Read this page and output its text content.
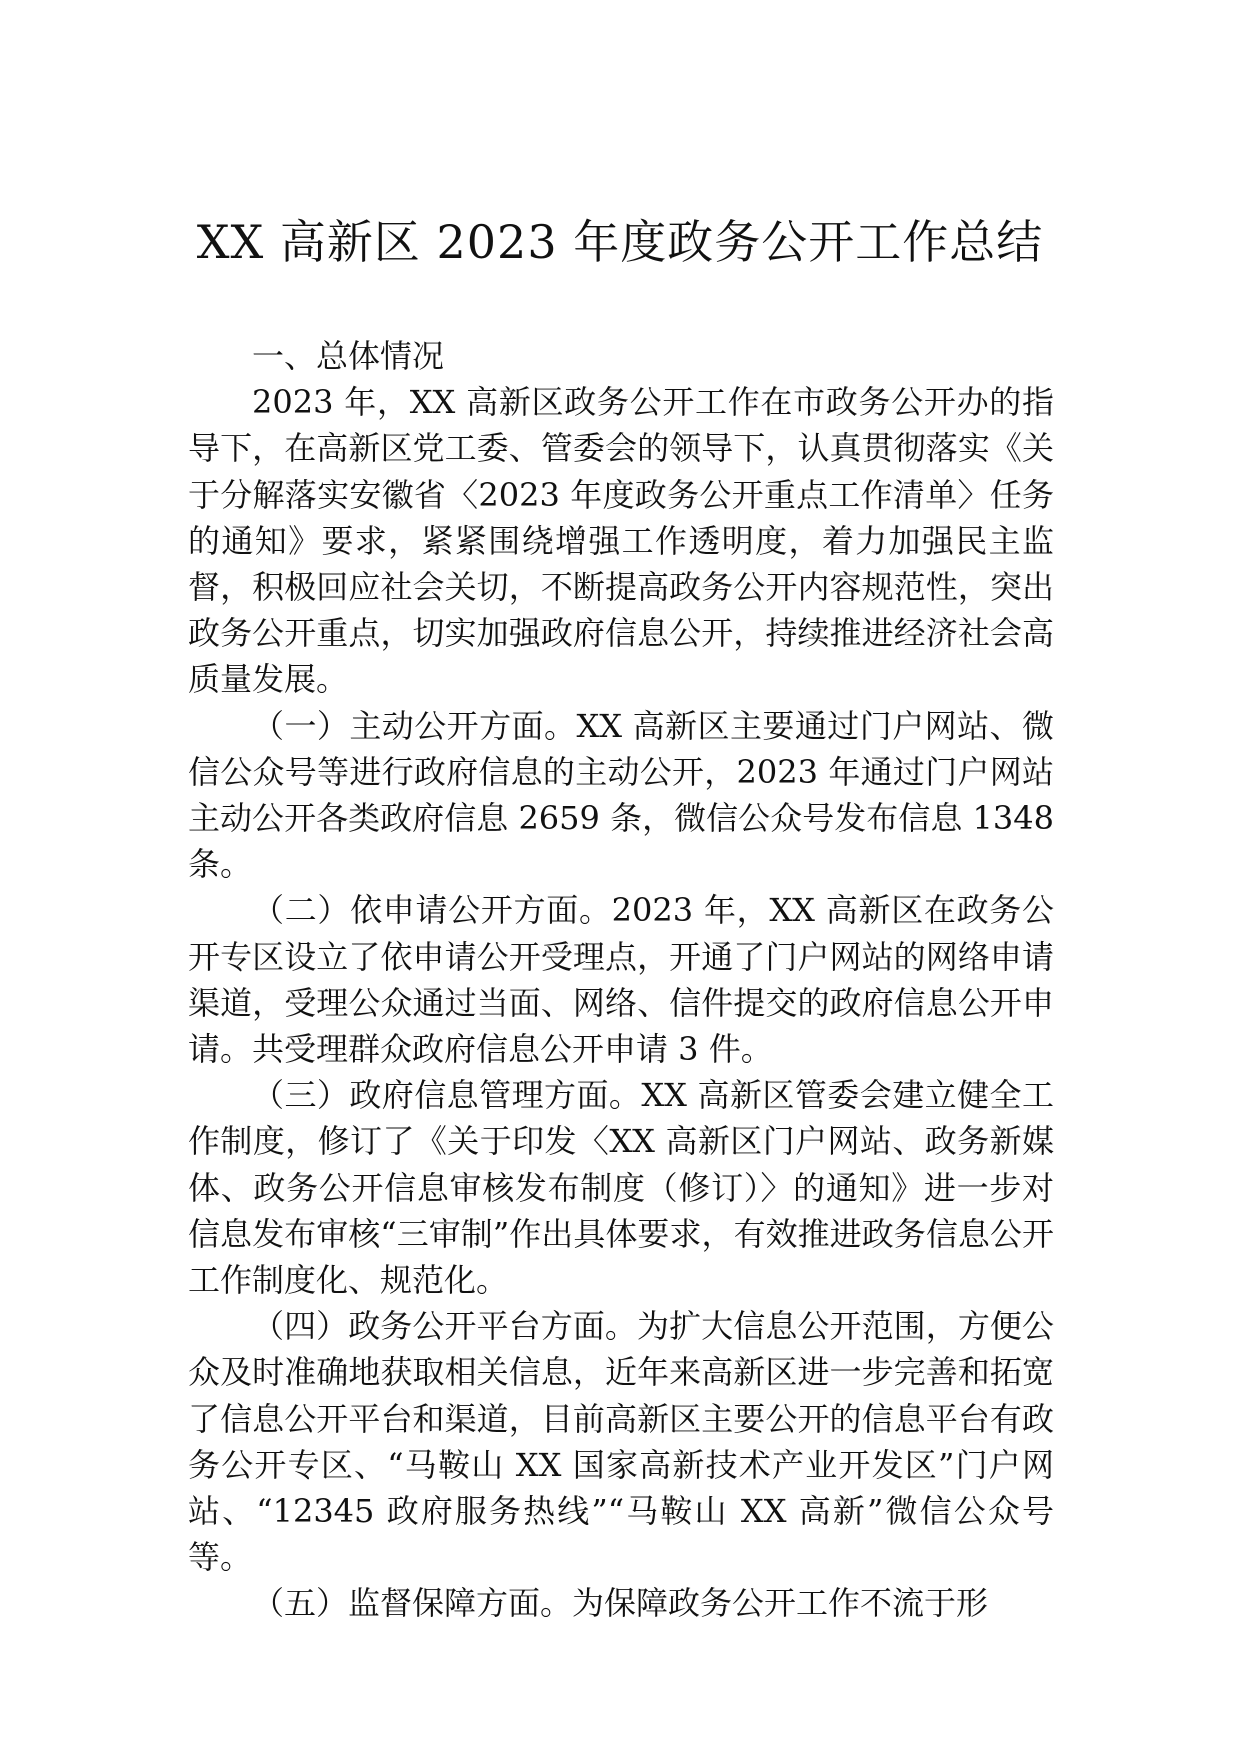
XX 高新区 2023 年度政务公开工作总结
一、总体情况

2023 年，XX 高新区政务公开工作在市政务公开办的指导下，在高新区党工委、管委会的领导下，认真贯彻落实《关于分解落实安徽省〈2023 年度政务公开重点工作清单〉任务的通知》要求，紧紧围绕增强工作透明度，着力加强民主监督，积极回应社会关切，不断提高政务公开内容规范性，突出政务公开重点，切实加强政府信息公开，持续推进经济社会高质量发展。

（一）主动公开方面。XX 高新区主要通过门户网站、微信公众号等进行政府信息的主动公开，2023 年通过门户网站主动公开各类政府信息 2659 条，微信公众号发布信息 1348 条。

（二）依申请公开方面。2023 年，XX 高新区在政务公开专区设立了依申请公开受理点，开通了门户网站的网络申请渠道，受理公众通过当面、网络、信件提交的政府信息公开申请。共受理群众政府信息公开申请 3 件。

（三）政府信息管理方面。XX 高新区管委会建立健全工作制度，修订了《关于印发〈XX 高新区门户网站、政务新媒体、政务公开信息审核发布制度（修订）〉的通知》进一步对信息发布审核“三审制”作出具体要求，有效推进政务信息公开工作制度化、规范化。

（四）政务公开平台方面。为扩大信息公开范围，方便公众及时准确地获取相关信息，近年来高新区进一步完善和拓宽了信息公开平台和渠道，目前高新区主要公开的信息平台有政务公开专区、“马鞍山 XX 国家高新技术产业开发区”门户网站、“12345 政府服务热线”“马鞍山 XX 高新”微信公众号等。

（五）监督保障方面。为保障政务公开工作不流于形
